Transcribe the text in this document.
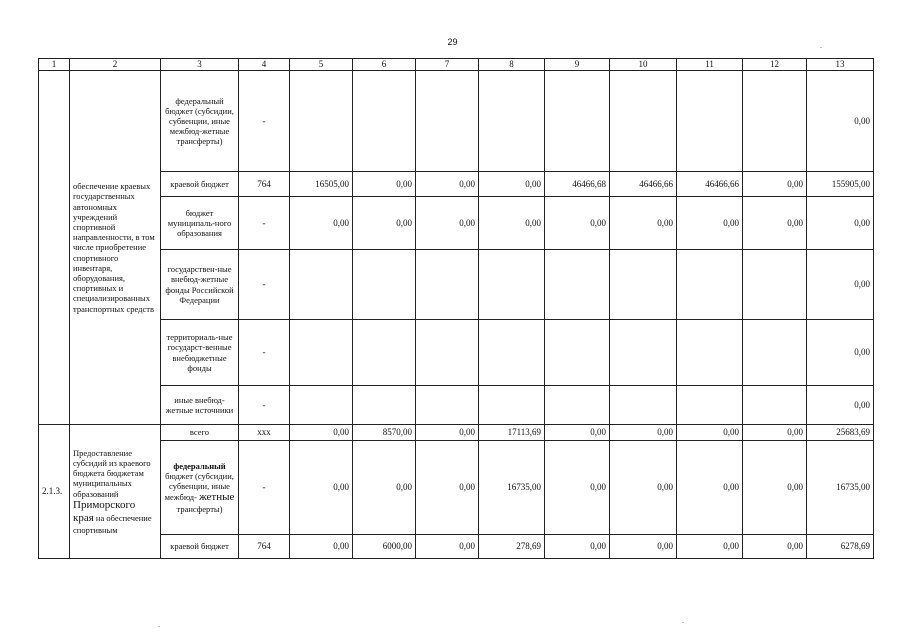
29
1	2	3	4	5	6	7	8	9	10	11	12	13
	обеспечение краевых государственных автономных учреждений спортивной направленности, в том числе приобретение спортивного инвентаря, оборудования, спортивных и специализированных транспортных средств	федеральный бюджет (субсидии, субвенции, иные межбюд-жетные трансферты)	-									0,00
		краевой бюджет	764	16505,00	0,00	0,00	0,00	46466,68	46466,66	46466,66	0,00	155905,00
		бюджет муниципаль-ного образования	-	0,00	0,00	0,00	0,00	0,00	0,00	0,00	0,00	0,00
		государствен-ные внебюд-жетные фонды Российской Федерации	-									0,00
		территориаль-ные государст-венные внебюджетные фонды	-									0,00
		иные внебюд-жетные источники	-									0,00
2.1.3.	Предоставление субсидий из краевого бюджета бюджетам муниципальных образований Приморского края на обеспечение спортивным	всего	ххх	0,00	8570,00	0,00	17113,69	0,00	0,00	0,00	0,00	25683,69
		федеральный бюджет (субсидии, субвенции, иные межбюд- жетные трансферты)	-	0,00	0,00	0,00	16735,00	0,00	0,00	0,00	0,00	16735,00
		краевой бюджет	764	0,00	6000,00	0,00	278,69	0,00	0,00	0,00	0,00	6278,69
